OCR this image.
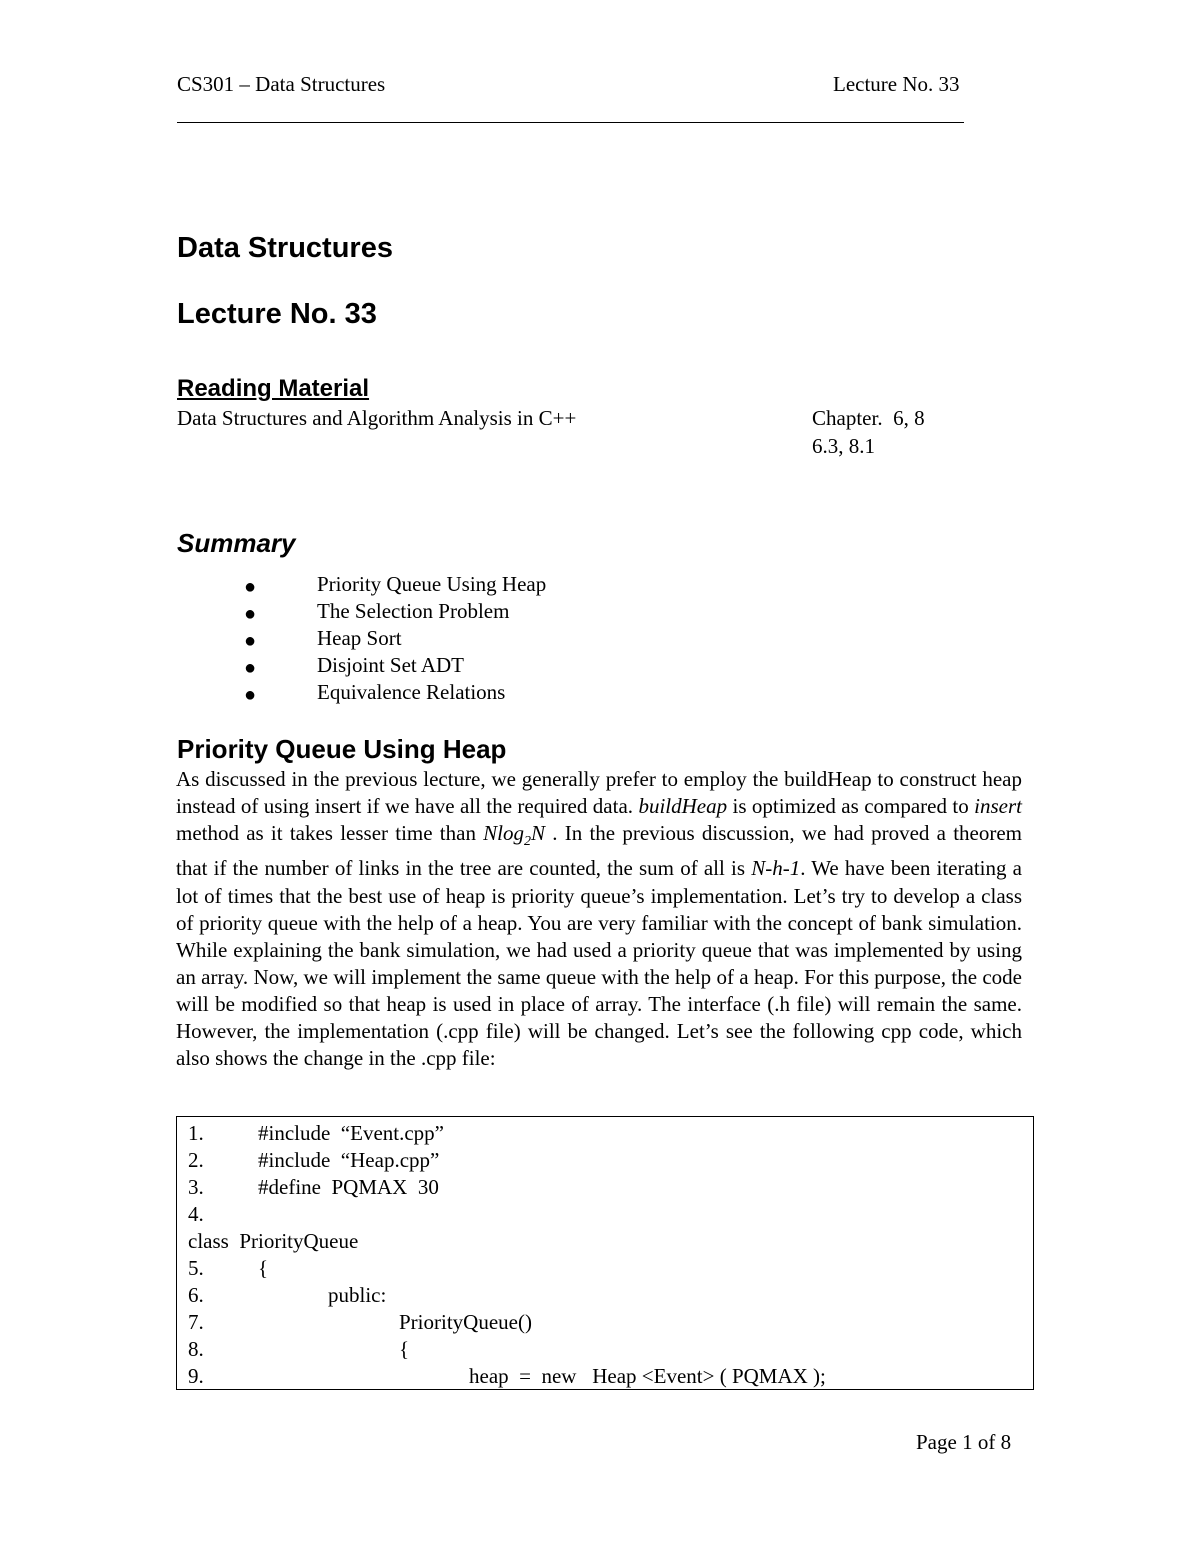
CS301 – Data Structures	Lecture No. 33
Data Structures
Lecture No. 33
Reading Material
Data Structures and Algorithm Analysis in C++	Chapter.  6, 8
6.3, 8.1
Summary
●	Priority Queue Using Heap
●	The Selection Problem
●	Heap Sort
●	Disjoint Set ADT
●	Equivalence Relations
Priority Queue Using Heap
As discussed in the previous lecture, we generally prefer to employ the buildHeap to construct heap instead of using insert if we have all the required data. buildHeap is optimized as compared to insert method as it takes lesser time than Nlog$_2$N . In the previous discussion, we had proved a theorem that if the number of links in the tree are counted, the sum of all is N-h-1. We have been iterating a lot of times that the best use of heap is priority queue’s implementation. Let’s try to develop a class of priority queue with the help of a heap. You are very familiar with the concept of bank simulation. While explaining the bank simulation, we had used a priority queue that was implemented by using an array. Now, we will implement the same queue with the help of a heap. For this purpose, the code will be modified so that heap is used in place of array. The interface (.h file) will remain the same. However, the implementation (.cpp file) will be changed. Let’s see the following cpp code, which also shows the change in the .cpp file:
1.	#include  “Event.cpp”
2.	#include  “Heap.cpp”
3.	#define  PQMAX  30
4.
class  PriorityQueue
5.	{
6.	public:
7.	PriorityQueue()
8.	{
9.	heap  =  new   Heap <Event> ( PQMAX );
Page 1 of 8
